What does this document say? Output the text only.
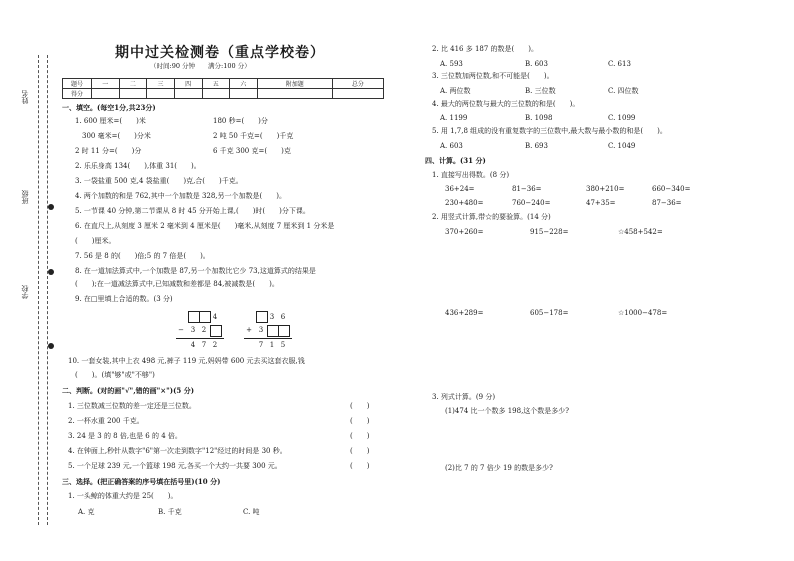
姓名
班级
学校
期中过关检测卷（重点学校卷）
（时间:90 分钟　　满分:100 分）
题号	一	二	三	四	五	六	附加题	总分
得分								
一、填空。(每空1分,共23分)
1. 600 厘米=(　　)米	180 秒=(　　)分
300 毫米=(　　)分米	2 吨 50 千克=(　　)千克
2 时 11 分=(　　)分	6 千克 300 克=(　　)克
2. 乐乐身高 134(　　),体重 31(　　)。
3. 一袋盐重 500 克,4 袋盐重(　　)克,合(　　)千克。
4. 两个加数的和是 762,其中一个加数是 328,另一个加数是(　　)。
5. 一节课 40 分钟,第二节课从 8 时 45 分开始上课,(　　)时(　　)分下课。
6. 在直尺上,从刻度 3 厘米 2 毫米到 4 厘米是(　　)毫米,从刻度 7 厘米到 1 分米是
(　　)厘米。
7. 56 是 8 的(　　)倍;5 的 7 倍是(　　)。
8. 在一道加法算式中,一个加数是 87,另一个加数比它少 73,这道算式的结果是
(　　);在一道减法算式中,已知减数和差都是 84,被减数是(　　)。
9. 在□里填上合适的数。(3 分)
4
− 3 2
4 7 2
3 6
+ 3
7 1 5
10. 一套女装,其中上衣 498 元,裤子 119 元,妈妈带 600 元去买这套衣服,钱
(　　)。(填"够"或"不够")
二、判断。(对的画"√",错的画"×")(5 分)
1. 三位数减三位数的差一定还是三位数。	(　　)
2. 一杯水重 200 千克。	(　　)
3. 24 是 3 的 8 倍,也是 6 的 4 倍。	(　　)
4. 在钟面上,秒针从数字"6"第一次走到数字"12"经过的时间是 30 秒。	(　　)
5. 一个足球 239 元,一个篮球 198 元,各买一个大约一共要 300 元。	(　　)
三、选择。(把正确答案的序号填在括号里)(10 分)
1. 一头鲸的体重大约是 25(　　)。
A. 克	B. 千克	C. 吨
2. 比 416 多 187 的数是(　　)。
A. 593	B. 603	C. 613
3. 三位数加两位数,和不可能是(　　)。
A. 两位数	B. 三位数	C. 四位数
4. 最大的两位数与最大的三位数的和是(　　)。
A. 1199	B. 1098	C. 1099
5. 用 1,7,8 组成的没有重复数字的三位数中,最大数与最小数的和是(　　)。
A. 603	B. 693	C. 1049
四、计算。(31 分)
1. 直接写出得数。(8 分)
36+24=	81−36=	380+210=	660−340=
230+480=	760−240=	47+35=	87−36=
2. 用竖式计算,带☆的要验算。(14 分)
370+260=	915−228=	☆458+542=
436+289=	605−178=	☆1000−478=
3. 列式计算。(9 分)
(1)474 比一个数多 198,这个数是多少?
(2)比 7 的 7 倍少 19 的数是多少?
